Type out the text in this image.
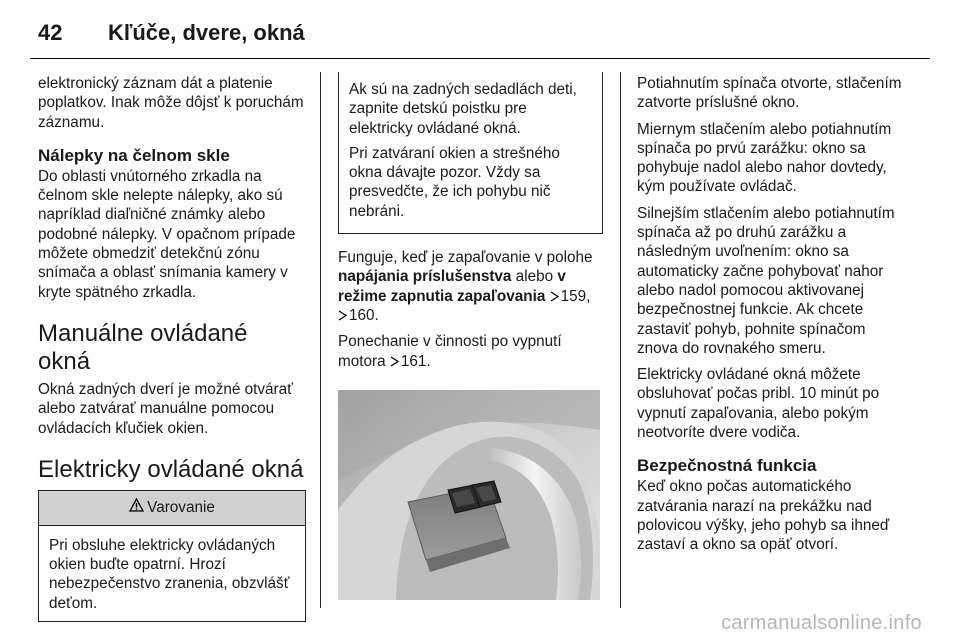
42	Kľúče, dvere, okná

elektronický záznam dát a platenie poplatkov. Inak môže dôjsť k poruchám záznamu.

Nálepky na čelnom skle

Do oblasti vnútorného zrkadla na čelnom skle nelepte nálepky, ako sú napríklad diaľničné známky alebo podobné nálepky. V opačnom prípade môžete obmedziť detekčnú zónu snímača a oblasť snímania kamery v kryte spätného zrkadla.

Manuálne ovládané okná

Okná zadných dverí je možné otvárať alebo zatvárať manuálne pomocou ovládacích kľučiek okien.

Elektricky ovládané okná
Varovanie
Pri obsluhe elektricky ovládaných okien buďte opatrní. Hrozí nebezpečenstvo zranenia, obzvlášť deťom.

Ak sú na zadných sedadlách deti, zapnite detskú poistku pre elektricky ovládané okná.

Pri zatváraní okien a strešného okna dávajte pozor. Vždy sa presvedčte, že ich pohybu nič nebráni.

Funguje, keď je zapaľovanie v polohe napájania príslušenstva alebo v režime zapnutia zapaľovania 159,
160.

Ponechanie v činnosti po vypnutí motora 161.

Potiahnutím spínača otvorte, stlačením zatvorte príslušné okno.

Miernym stlačením alebo potiahnutím spínača po prvú zarážku: okno sa pohybuje nadol alebo nahor dovtedy, kým používate ovládač.

Silnejším stlačením alebo potiahnutím spínača až po druhú zarážku a následným uvoľnením: okno sa automaticky začne pohybovať nahor alebo nadol pomocou aktivovanej bezpečnostnej funkcie. Ak chcete zastaviť pohyb, pohnite spínačom znova do rovnakého smeru.

Elektricky ovládané okná môžete obsluhovať počas pribl. 10 minút po vypnutí zapaľovania, alebo pokým neotvoríte dvere vodiča.

Bezpečnostná funkcia

Keď okno počas automatického zatvárania narazí na prekážku nad polovicou výšky, jeho pohyb sa ihneď zastaví a okno sa opäť otvorí.

carmanualsonline.info
